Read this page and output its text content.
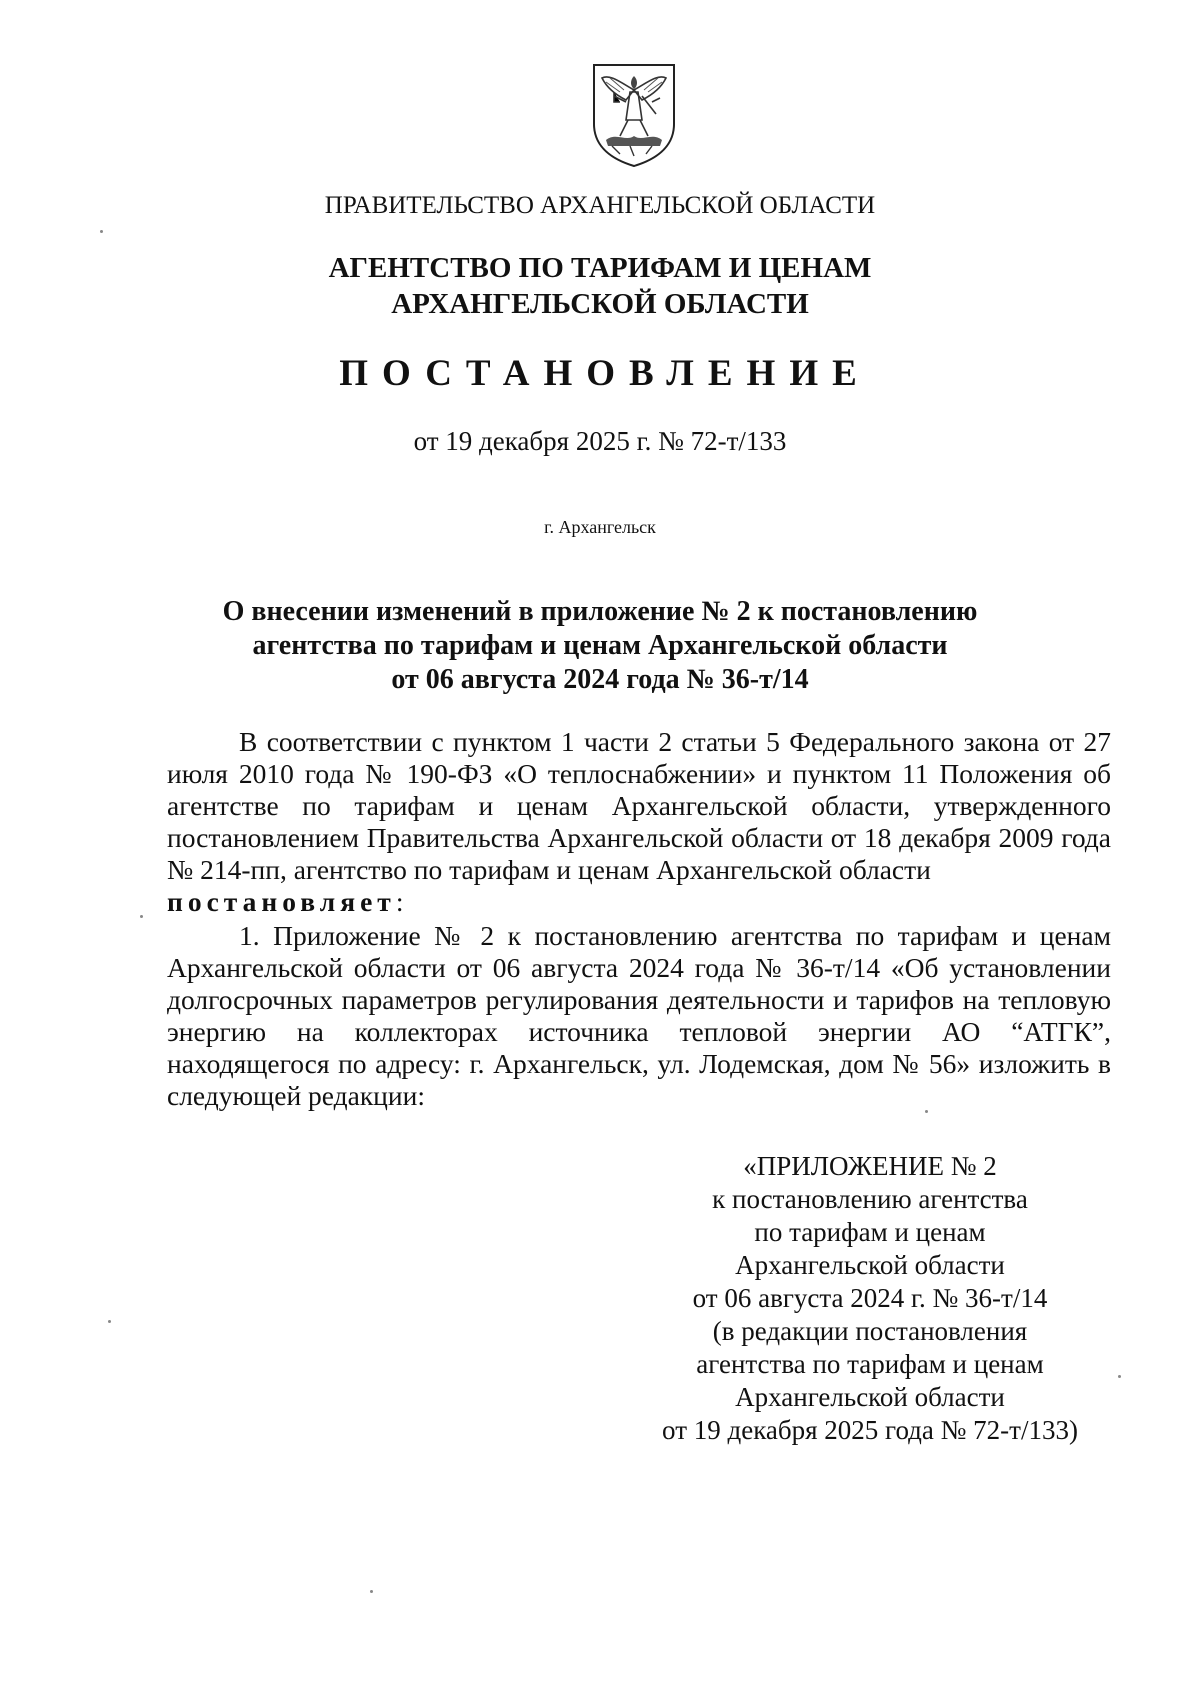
ПРАВИТЕЛЬСТВО АРХАНГЕЛЬСКОЙ ОБЛАСТИ
АГЕНТСТВО ПО ТАРИФАМ И ЦЕНАМ
АРХАНГЕЛЬСКОЙ ОБЛАСТИ
ПОСТАНОВЛЕНИЕ
от 19 декабря 2025 г. № 72-т/133
г. Архангельск
О внесении изменений в приложение № 2 к постановлению
агентства по тарифам и ценам Архангельской области
от 06 августа 2024 года № 36-т/14

В соответствии с пунктом 1 части 2 статьи 5 Федерального закона от 27 июля 2010 года № 190-ФЗ «О теплоснабжении» и пунктом 11 Положения об агентстве по тарифам и ценам Архангельской области, утвержденного постановлением Правительства Архангельской области от 18 декабря 2009 года № 214-пп, агентство по тарифам и ценам Архангельской области

постановляет:

1. Приложение № 2 к постановлению агентства по тарифам и ценам Архангельской области от 06 августа 2024 года № 36-т/14 «Об установлении долгосрочных параметров регулирования деятельности и тарифов на тепловую энергию на коллекторах источника тепловой энергии АО “АТГК”, находящегося по адресу: г. Архангельск, ул. Лодемская, дом № 56» изложить в следующей редакции:

«ПРИЛОЖЕНИЕ № 2
к постановлению агентства
по тарифам и ценам
Архангельской области
от 06 августа 2024 г. № 36-т/14
(в редакции постановления
агентства по тарифам и ценам
Архангельской области
от 19 декабря 2025 года № 72-т/133)
